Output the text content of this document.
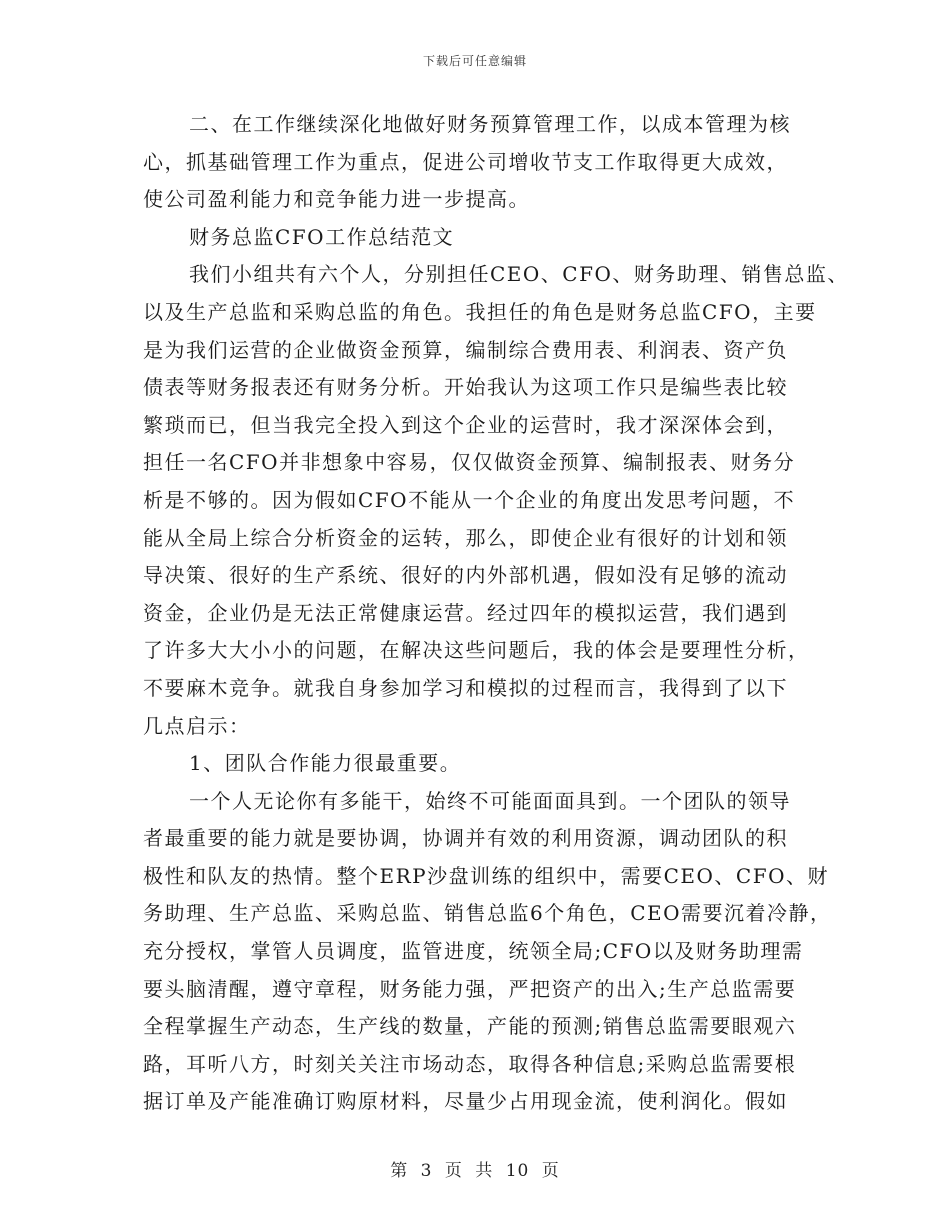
下载后可任意编辑
二、在工作继续深化地做好财务预算管理工作，以成本管理为核
心，抓基础管理工作为重点，促进公司增收节支工作取得更大成效，
使公司盈利能力和竞争能力进一步提高。
财务总监CFO工作总结范文
我们小组共有六个人，分别担任CEO、CFO、财务助理、销售总监、
以及生产总监和采购总监的角色。我担任的角色是财务总监CFO，主要
是为我们运营的企业做资金预算，编制综合费用表、利润表、资产负
债表等财务报表还有财务分析。开始我认为这项工作只是编些表比较
繁琐而已，但当我完全投入到这个企业的运营时，我才深深体会到，
担任一名CFO并非想象中容易，仅仅做资金预算、编制报表、财务分
析是不够的。因为假如CFO不能从一个企业的角度出发思考问题，不
能从全局上综合分析资金的运转，那么，即使企业有很好的计划和领
导决策、很好的生产系统、很好的内外部机遇，假如没有足够的流动
资金，企业仍是无法正常健康运营。经过四年的模拟运营，我们遇到
了许多大大小小的问题，在解决这些问题后，我的体会是要理性分析，
不要麻木竞争。就我自身参加学习和模拟的过程而言，我得到了以下
几点启示：
1、团队合作能力很最重要。
一个人无论你有多能干，始终不可能面面具到。一个团队的领导
者最重要的能力就是要协调，协调并有效的利用资源，调动团队的积
极性和队友的热情。整个ERP沙盘训练的组织中，需要CEO、CFO、财
务助理、生产总监、采购总监、销售总监6个角色，CEO需要沉着冷静，
充分授权，掌管人员调度，监管进度，统领全局;CFO以及财务助理需
要头脑清醒，遵守章程，财务能力强，严把资产的出入;生产总监需要
全程掌握生产动态，生产线的数量，产能的预测;销售总监需要眼观六
路，耳听八方，时刻关关注市场动态，取得各种信息;采购总监需要根
据订单及产能准确订购原材料，尽量少占用现金流，使利润化。假如
第 3 页 共 10 页
